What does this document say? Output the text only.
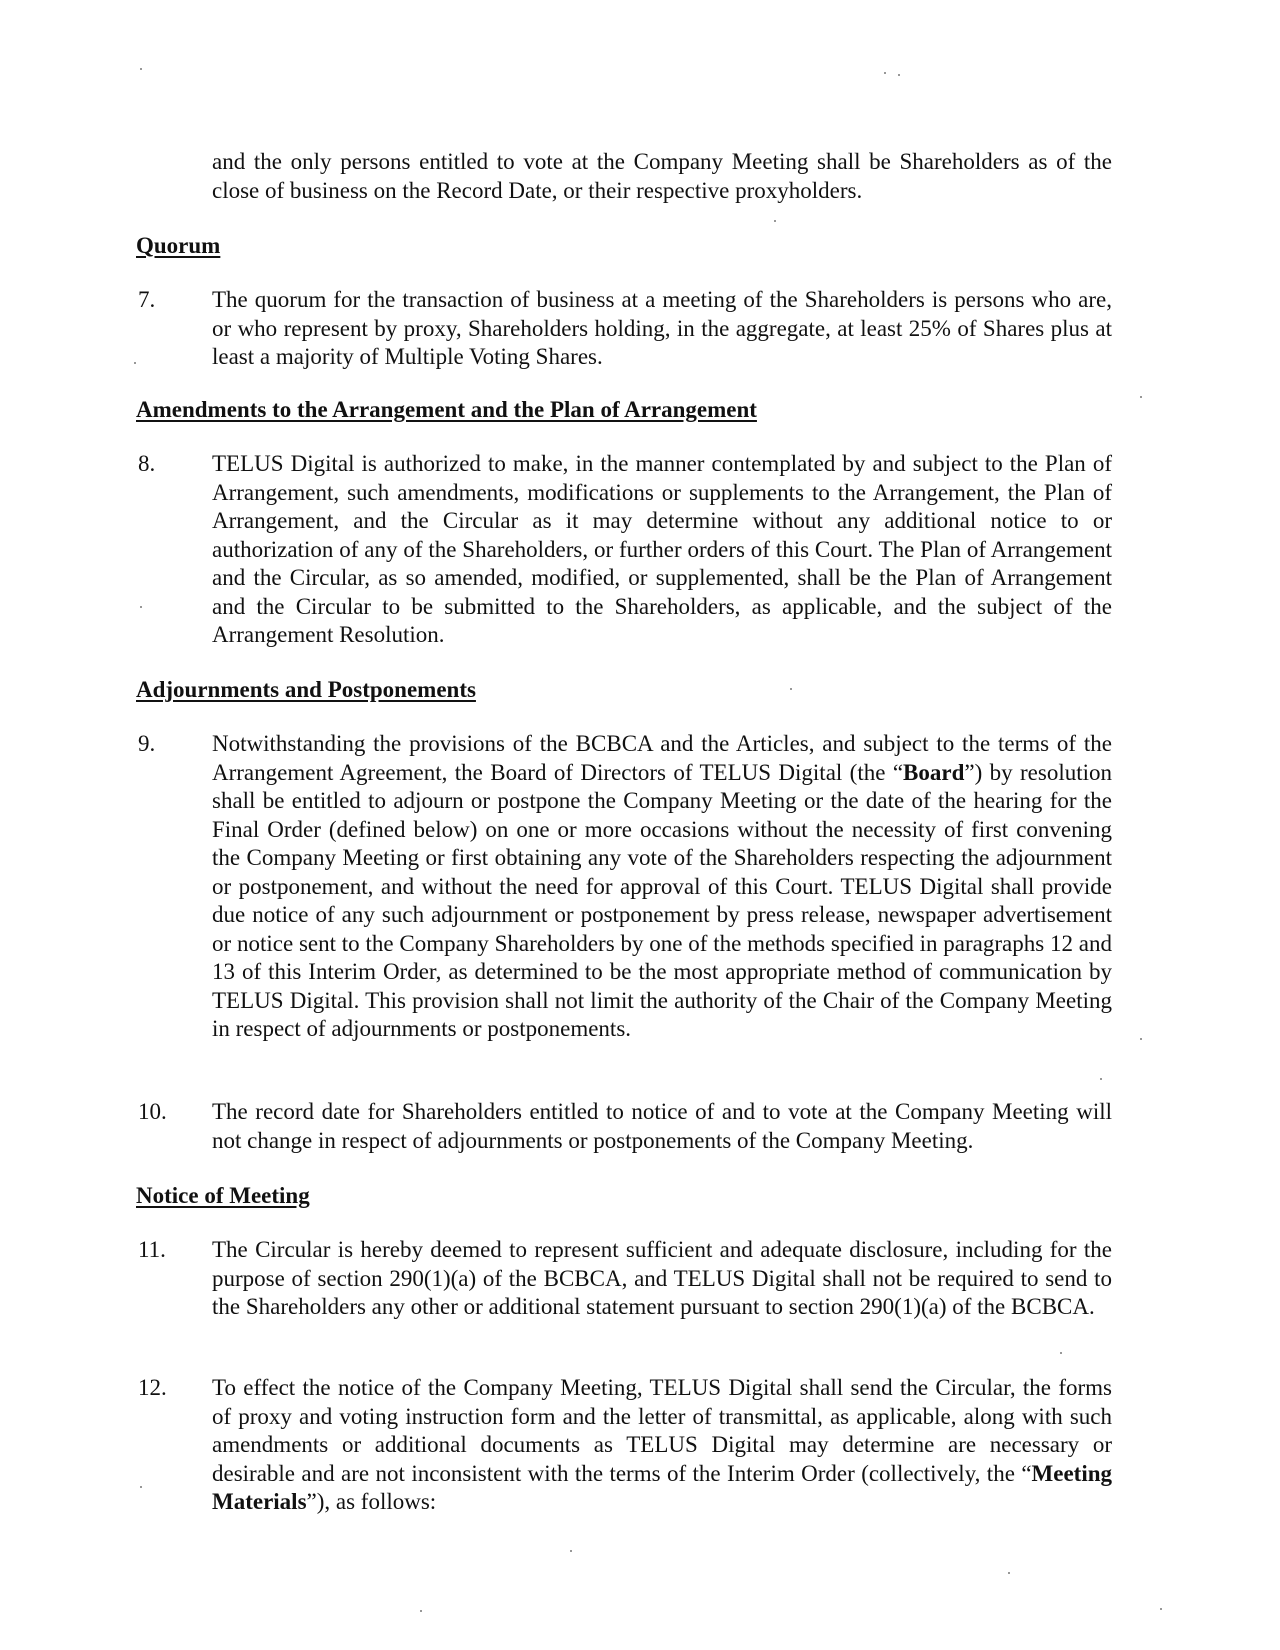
and the only persons entitled to vote at the Company Meeting shall be Shareholders as of the close of business on the Record Date, or their respective proxyholders.
Quorum
7. The quorum for the transaction of business at a meeting of the Shareholders is persons who are, or who represent by proxy, Shareholders holding, in the aggregate, at least 25% of Shares plus at least a majority of Multiple Voting Shares.
Amendments to the Arrangement and the Plan of Arrangement
8. TELUS Digital is authorized to make, in the manner contemplated by and subject to the Plan of Arrangement, such amendments, modifications or supplements to the Arrangement, the Plan of Arrangement, and the Circular as it may determine without any additional notice to or authorization of any of the Shareholders, or further orders of this Court. The Plan of Arrangement and the Circular, as so amended, modified, or supplemented, shall be the Plan of Arrangement and the Circular to be submitted to the Shareholders, as applicable, and the subject of the Arrangement Resolution.
Adjournments and Postponements
9. Notwithstanding the provisions of the BCBCA and the Articles, and subject to the terms of the Arrangement Agreement, the Board of Directors of TELUS Digital (the “Board”) by resolution shall be entitled to adjourn or postpone the Company Meeting or the date of the hearing for the Final Order (defined below) on one or more occasions without the necessity of first convening the Company Meeting or first obtaining any vote of the Shareholders respecting the adjournment or postponement, and without the need for approval of this Court. TELUS Digital shall provide due notice of any such adjournment or postponement by press release, newspaper advertisement or notice sent to the Company Shareholders by one of the methods specified in paragraphs 12 and 13 of this Interim Order, as determined to be the most appropriate method of communication by TELUS Digital. This provision shall not limit the authority of the Chair of the Company Meeting in respect of adjournments or postponements.
10. The record date for Shareholders entitled to notice of and to vote at the Company Meeting will not change in respect of adjournments or postponements of the Company Meeting.
Notice of Meeting
11. The Circular is hereby deemed to represent sufficient and adequate disclosure, including for the purpose of section 290(1)(a) of the BCBCA, and TELUS Digital shall not be required to send to the Shareholders any other or additional statement pursuant to section 290(1)(a) of the BCBCA.
12. To effect the notice of the Company Meeting, TELUS Digital shall send the Circular, the forms of proxy and voting instruction form and the letter of transmittal, as applicable, along with such amendments or additional documents as TELUS Digital may determine are necessary or desirable and are not inconsistent with the terms of the Interim Order (collectively, the “Meeting Materials”), as follows:
